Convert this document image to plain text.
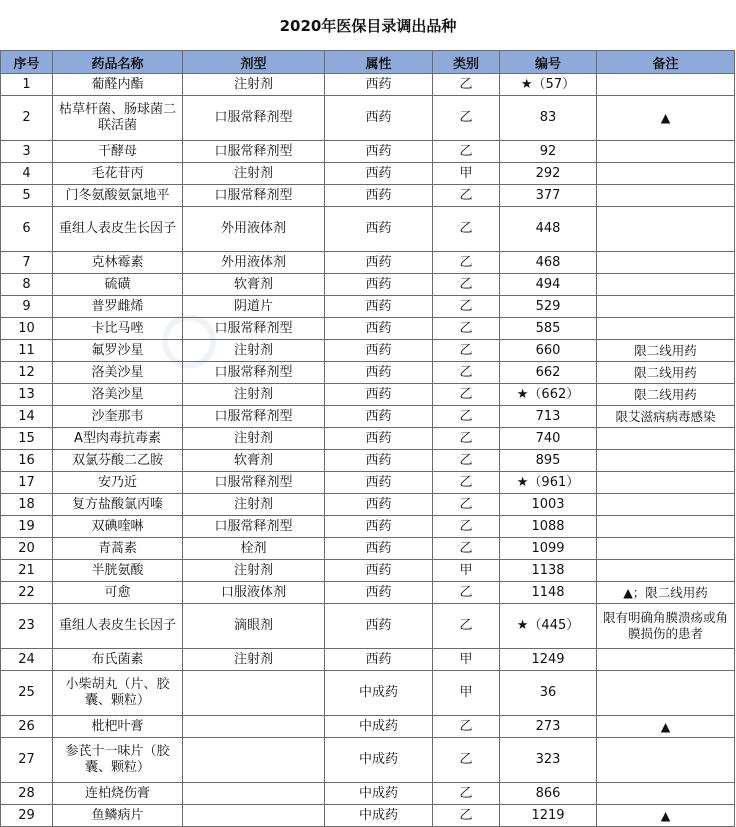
2020年医保目录调出品种
序号	药品名称	剂型	属性	类别	编号	备注
1	葡醛内酯	注射剂	西药	乙	★（57）	
2	枯草杆菌、肠球菌二联活菌	口服常释剂型	西药	乙	83	▲
3	干酵母	口服常释剂型	西药	乙	92	
4	毛花苷丙	注射剂	西药	甲	292	
5	门冬氨酸氨氯地平	口服常释剂型	西药	乙	377	
6	重组人表皮生长因子	外用液体剂	西药	乙	448	
7	克林霉素	外用液体剂	西药	乙	468	
8	硫磺	软膏剂	西药	乙	494	
9	普罗雌烯	阴道片	西药	乙	529	
10	卡比马唑	口服常释剂型	西药	乙	585	
11	氟罗沙星	注射剂	西药	乙	660	限二线用药
12	洛美沙星	口服常释剂型	西药	乙	662	限二线用药
13	洛美沙星	注射剂	西药	乙	★（662）	限二线用药
14	沙奎那韦	口服常释剂型	西药	乙	713	限艾滋病病毒感染
15	A型肉毒抗毒素	注射剂	西药	乙	740	
16	双氯芬酸二乙胺	软膏剂	西药	乙	895	
17	安乃近	口服常释剂型	西药	乙	★（961）	
18	复方盐酸氯丙嗪	注射剂	西药	乙	1003	
19	双碘喹啉	口服常释剂型	西药	乙	1088	
20	青蒿素	栓剂	西药	乙	1099	
21	半胱氨酸	注射剂	西药	甲	1138	
22	可愈	口服液体剂	西药	乙	1148	▲；限二线用药
23	重组人表皮生长因子	滴眼剂	西药	乙	★（445）	限有明确角膜溃疡或角膜损伤的患者
24	布氏菌素	注射剂	西药	甲	1249	
25	小柴胡丸（片、胶囊、颗粒）		中成药	甲	36	
26	枇杷叶膏		中成药	乙	273	▲
27	参芪十一味片（胶囊、颗粒）		中成药	乙	323	
28	连柏烧伤膏		中成药	乙	866	
29	鱼鳞病片		中成药	乙	1219	▲
